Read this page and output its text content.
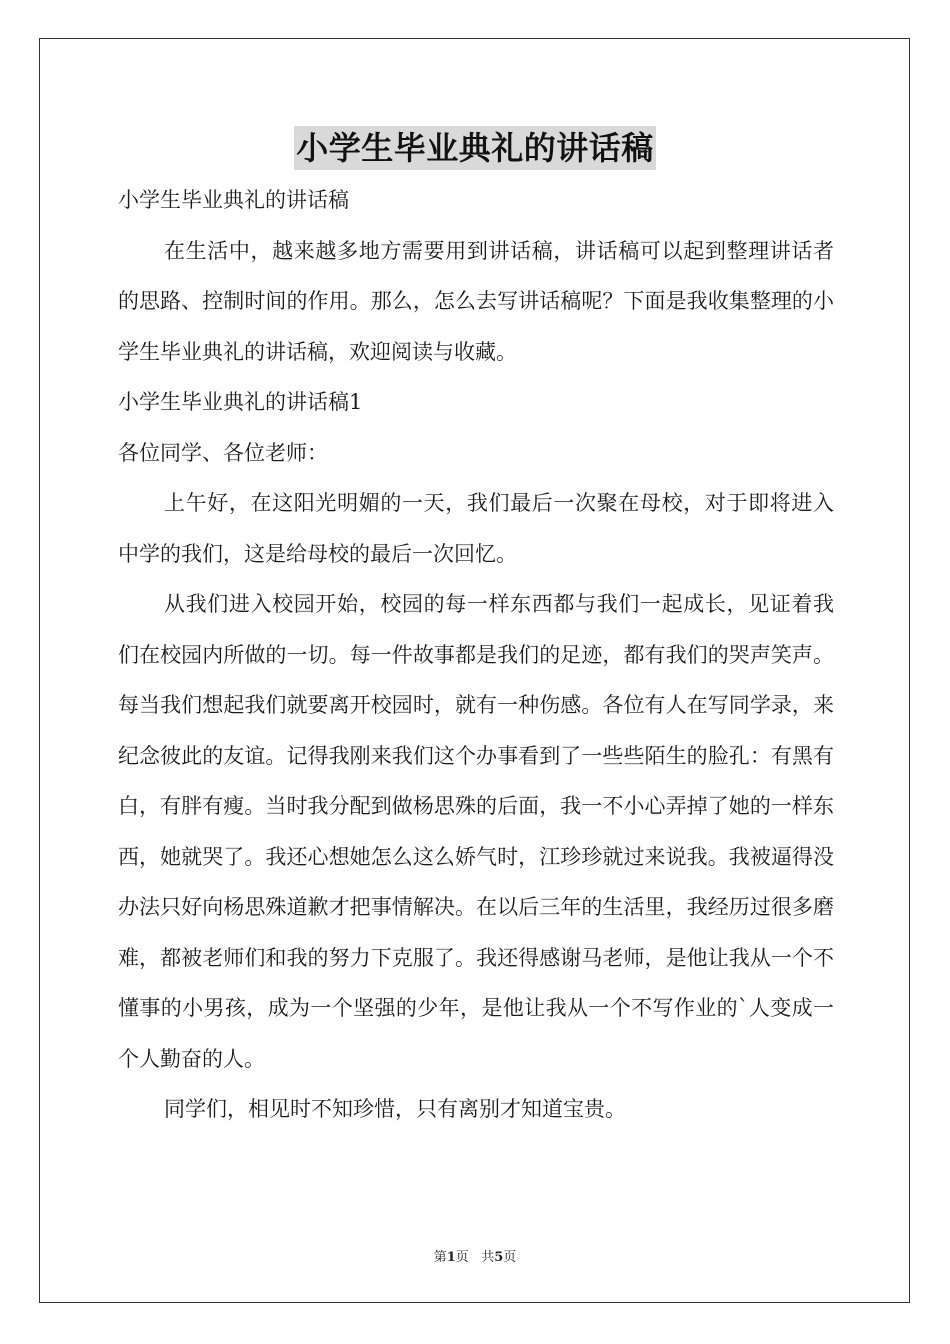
小学生毕业典礼的讲话稿

小学生毕业典礼的讲话稿

在生活中，越来越多地方需要用到讲话稿，讲话稿可以起到整理讲话者的思路、控制时间的作用。那么，怎么去写讲话稿呢？下面是我收集整理的小学生毕业典礼的讲话稿，欢迎阅读与收藏。

小学生毕业典礼的讲话稿1

各位同学、各位老师：

上午好，在这阳光明媚的一天，我们最后一次聚在母校，对于即将进入中学的我们，这是给母校的最后一次回忆。

从我们进入校园开始，校园的每一样东西都与我们一起成长，见证着我们在校园内所做的一切。每一件故事都是我们的足迹，都有我们的哭声笑声。每当我们想起我们就要离开校园时，就有一种伤感。各位有人在写同学录，来纪念彼此的友谊。记得我刚来我们这个办事看到了一些些陌生的脸孔：有黑有白，有胖有瘦。当时我分配到做杨思殊的后面，我一不小心弄掉了她的一样东西，她就哭了。我还心想她怎么这么娇气时，江珍珍就过来说我。我被逼得没办法只好向杨思殊道歉才把事情解决。在以后三年的生活里，我经历过很多磨难，都被老师们和我的努力下克服了。我还得感谢马老师，是他让我从一个不懂事的小男孩，成为一个坚强的少年，是他让我从一个不写作业的`人变成一个人勤奋的人。

同学们，相见时不知珍惜，只有离别才知道宝贵。

第1页 共5页
